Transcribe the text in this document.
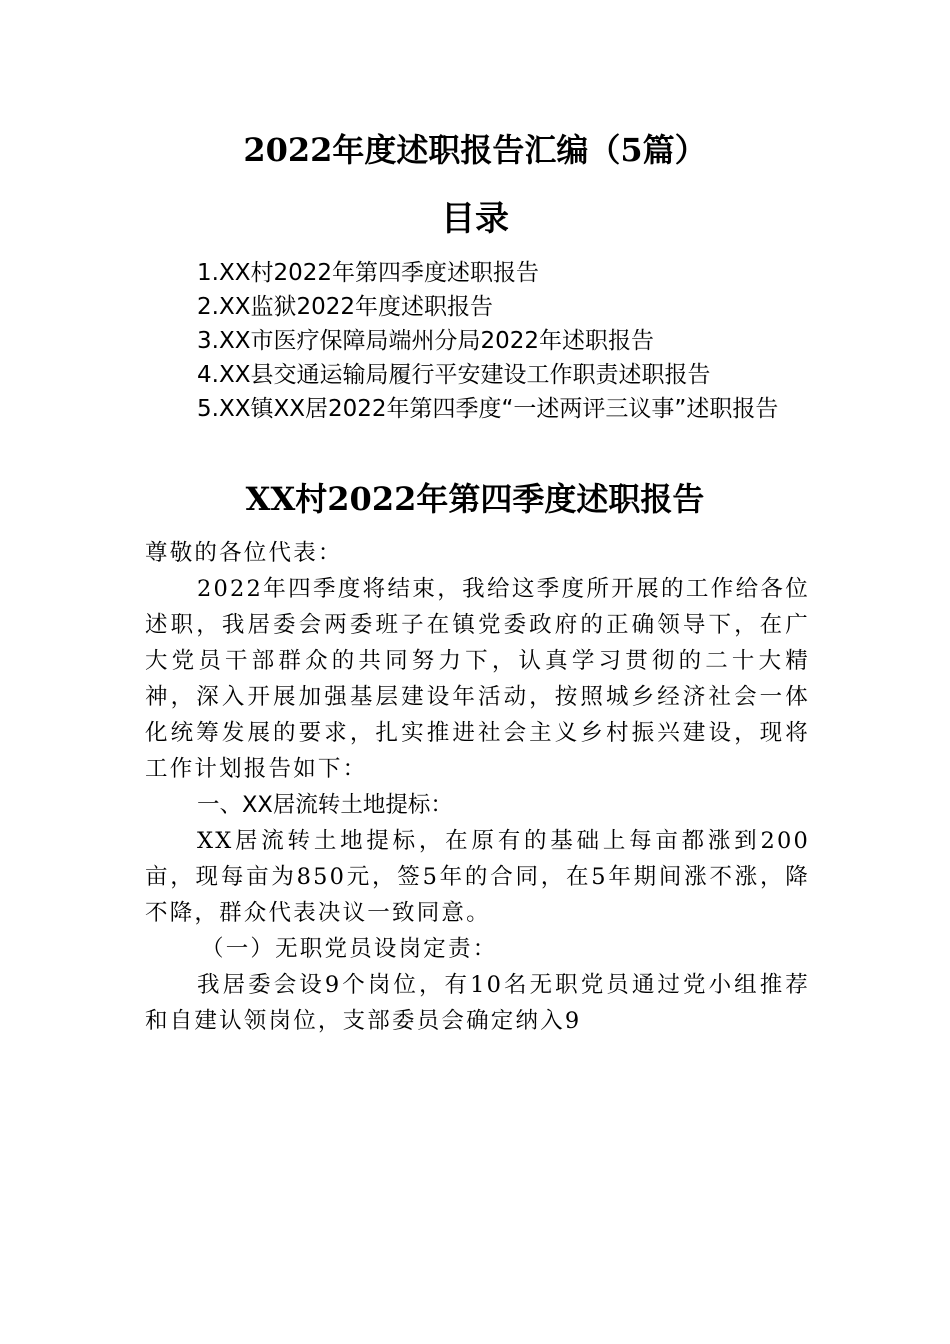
2022年度述职报告汇编（5篇）
目录
1.XX村2022年第四季度述职报告
2.XX监狱2022年度述职报告
3.XX市医疗保障局端州分局2022年述职报告
4.XX县交通运输局履行平安建设工作职责述职报告
5.XX镇XX居2022年第四季度“一述两评三议事”述职报告
XX村2022年第四季度述职报告

尊敬的各位代表：

2022年四季度将结束，我给这季度所开展的工作给各位述职，我居委会两委班子在镇党委政府的正确领导下，在广大党员干部群众的共同努力下，认真学习贯彻的二十大精神，深入开展加强基层建设年活动，按照城乡经济社会一体化统筹发展的要求，扎实推进社会主义乡村振兴建设，现将工作计划报告如下：

一、XX居流转土地提标：

XX居流转土地提标，在原有的基础上每亩都涨到200亩，现每亩为850元，签5年的合同，在5年期间涨不涨，降不降，群众代表决议一致同意。

（一）无职党员设岗定责：

我居委会设9个岗位，有10名无职党员通过党小组推荐和自建认领岗位，支部委员会确定纳入9
